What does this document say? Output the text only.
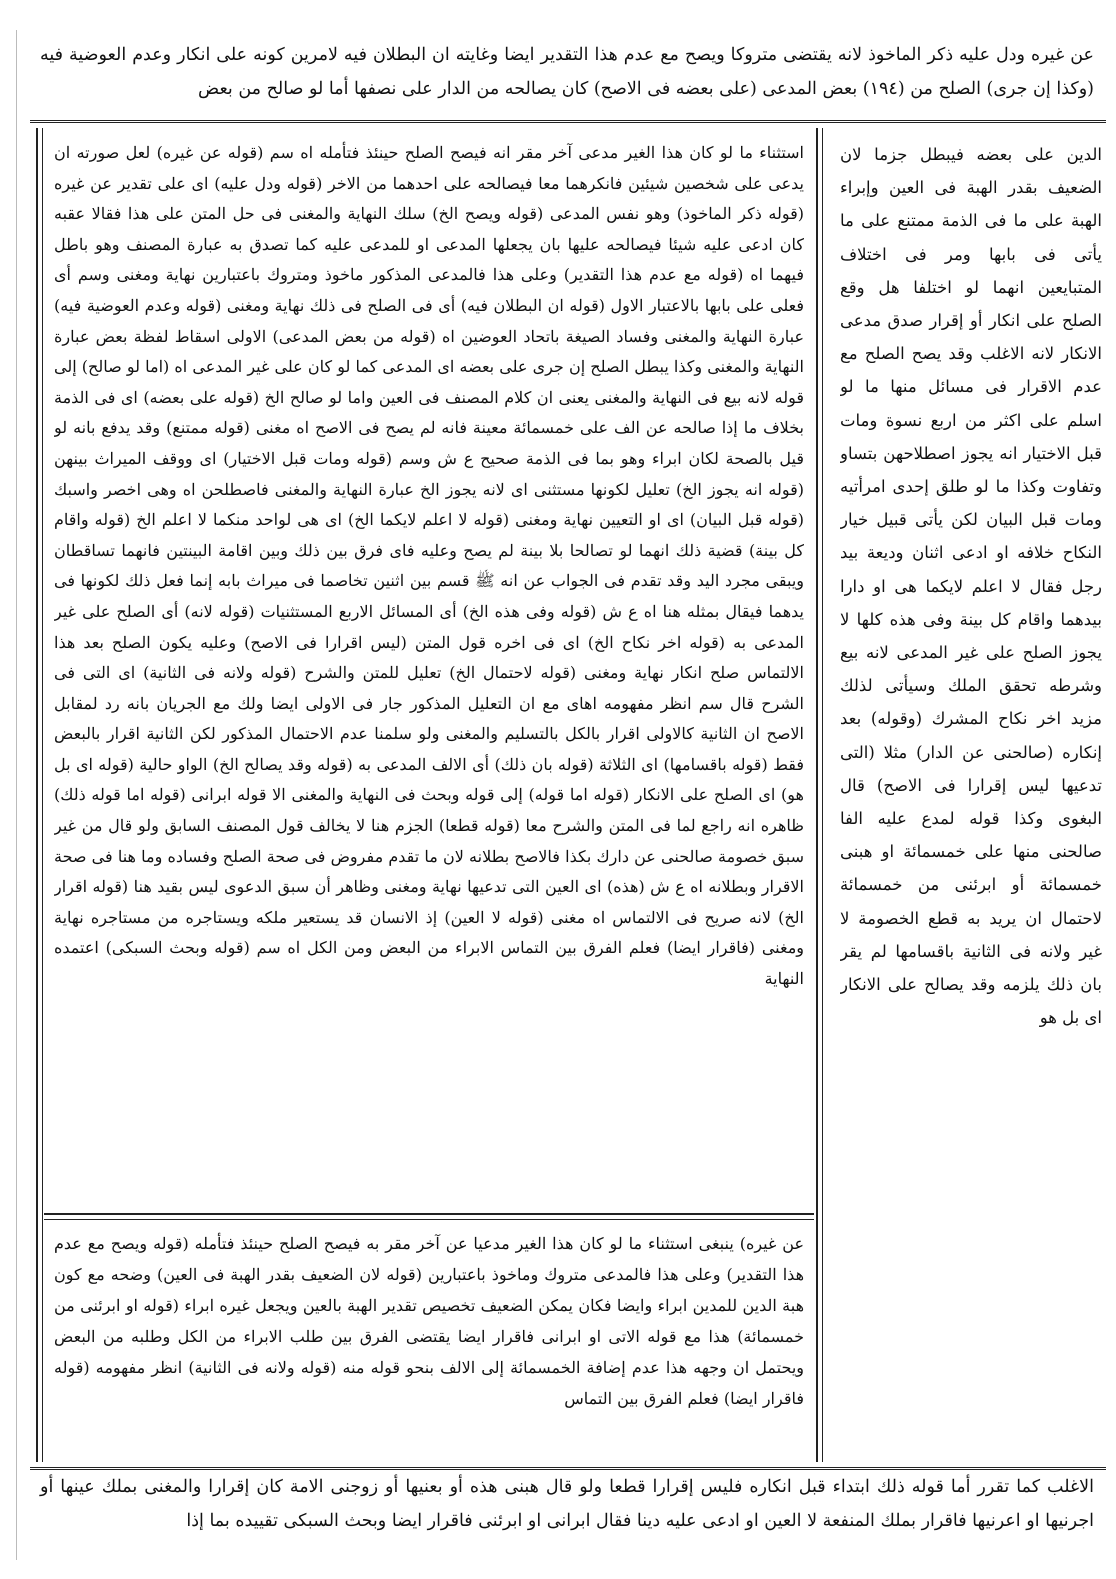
عن غيره ودل عليه ذكر الماخوذ لانه يقتضى متروكا ويصح مع عدم هذا التقدير ايضا وغايته ان البطلان فيه لامرين كونه على انكار وعدم العوضية فيه (وكذا إن جرى) الصلح من (١٩٤) بعض المدعى (على بعضه فى الاصح) كان يصالحه من الدار على نصفها أما لو صالح من بعض

الدين على بعضه فيبطل جزما لان الضعيف بقدر الهبة فى العين وإبراء الهبة على ما فى الذمة ممتنع على ما يأتى فى بابها ومر فى اختلاف المتبايعين انهما لو اختلفا هل وقع الصلح على انكار أو إقرار صدق مدعى الانكار لانه الاغلب وقد يصح الصلح مع عدم الاقرار فى مسائل منها ما لو اسلم على اكثر من اربع نسوة ومات قبل الاختيار انه يجوز اصطلاحهن بتساو وتفاوت وكذا ما لو طلق إحدى امرأتيه ومات قبل البيان لكن يأتى قبيل خيار النكاح خلافه او ادعى اثنان وديعة بيد رجل فقال لا اعلم لايكما هى او دارا بيدهما واقام كل بينة وفى هذه كلها لا يجوز الصلح على غير المدعى لانه بيع وشرطه تحقق الملك وسيأتى لذلك مزيد اخر نكاح المشرك (وقوله) بعد إنكاره (صالحنى عن الدار) مثلا (التى تدعيها ليس إقرارا فى الاصح) قال البغوى وكذا قوله لمدع عليه الفا صالحنى منها على خمسمائة او هبنى خمسمائة أو ابرئنى من خمسمائة لاحتمال ان يريد به قطع الخصومة لا غير ولانه فى الثانية باقسامها لم يقر بان ذلك يلزمه وقد يصالح على الانكار اى بل هو

استثناء ما لو كان هذا الغير مدعى آخر مقر انه فيصح الصلح حينئذ فتأمله اه سم (قوله عن غيره) لعل صورته ان يدعى على شخصين شيئين فانكرهما معا فيصالحه على احدهما من الاخر (قوله ودل عليه) اى على تقدير عن غيره (قوله ذكر الماخوذ) وهو نفس المدعى (قوله ويصح الخ) سلك النهاية والمغنى فى حل المتن على هذا فقالا عقبه كان ادعى عليه شيئا فيصالحه عليها بان يجعلها المدعى او للمدعى عليه كما تصدق به عبارة المصنف وهو باطل فيهما اه (قوله مع عدم هذا التقدير) وعلى هذا فالمدعى المذكور ماخوذ ومتروك باعتبارين نهاية ومغنى وسم أى فعلى على بابها بالاعتبار الاول (قوله ان البطلان فيه) أى فى الصلح فى ذلك نهاية ومغنى (قوله وعدم العوضية فيه) عبارة النهاية والمغنى وفساد الصيغة باتحاد العوضين اه (قوله من بعض المدعى) الاولى اسقاط لفظة بعض عبارة النهاية والمغنى وكذا يبطل الصلح إن جرى على بعضه اى المدعى كما لو كان على غير المدعى اه (اما لو صالح) إلى قوله لانه بيع فى النهاية والمغنى يعنى ان كلام المصنف فى العين واما لو صالح الخ (قوله على بعضه) اى فى الذمة بخلاف ما إذا صالحه عن الف على خمسمائة معينة فانه لم يصح فى الاصح اه مغنى (قوله ممتنع) وقد يدفع بانه لو قيل بالصحة لكان ابراء وهو بما فى الذمة صحيح ع ش وسم (قوله ومات قبل الاختيار) اى ووقف الميراث بينهن (قوله انه يجوز الخ) تعليل لكونها مستثنى اى لانه يجوز الخ عبارة النهاية والمغنى فاصطلحن اه وهى اخصر واسبك (قوله قبل البيان) اى او التعيين نهاية ومغنى (قوله لا اعلم لايكما الخ) اى هى لواحد منكما لا اعلم الخ (قوله واقام كل بينة) قضية ذلك انهما لو تصالحا بلا بينة لم يصح وعليه فاى فرق بين ذلك وبين اقامة البينتين فانهما تساقطان ويبقى مجرد اليد وقد تقدم فى الجواب عن انه ﷺ قسم بين اثنين تخاصما فى ميراث بابه إنما فعل ذلك لكونها فى يدهما فيقال بمثله هنا اه ع ش (قوله وفى هذه الخ) أى المسائل الاربع المستثنيات (قوله لانه) أى الصلح على غير المدعى به (قوله اخر نكاح الخ) اى فى اخره قول المتن (ليس اقرارا فى الاصح) وعليه يكون الصلح بعد هذا الالتماس صلح انكار نهاية ومغنى (قوله لاحتمال الخ) تعليل للمتن والشرح (قوله ولانه فى الثانية) اى التى فى الشرح قال سم انظر مفهومه اهاى مع ان التعليل المذكور جار فى الاولى ايضا ولك مع الجريان بانه رد لمقابل الاصح ان الثانية كالاولى اقرار بالكل بالتسليم والمغنى ولو سلمنا عدم الاحتمال المذكور لكن الثانية اقرار بالبعض فقط (قوله باقسامها) اى الثلاثة (قوله بان ذلك) أى الالف المدعى به (قوله وقد يصالح الخ) الواو حالية (قوله اى بل هو) اى الصلح على الانكار (قوله اما قوله) إلى قوله وبحث فى النهاية والمغنى الا قوله ابرانى (قوله اما قوله ذلك) ظاهره انه راجع لما فى المتن والشرح معا (قوله قطعا) الجزم هنا لا يخالف قول المصنف السابق ولو قال من غير سبق خصومة صالحنى عن دارك بكذا فالاصح بطلانه لان ما تقدم مفروض فى صحة الصلح وفساده وما هنا فى صحة الاقرار وبطلانه اه ع ش (هذه) اى العين التى تدعيها نهاية ومغنى وظاهر أن سبق الدعوى ليس بقيد هنا (قوله اقرار الخ) لانه صريح فى الالتماس اه مغنى (قوله لا العين) إذ الانسان قد يستعير ملكه ويستاجره من مستاجره نهاية ومغنى (فاقرار ايضا) فعلم الفرق بين التماس الابراء من البعض ومن الكل اه سم (قوله وبحث السبكى) اعتمده النهاية

عن غيره) ينبغى استثناء ما لو كان هذا الغير مدعيا عن آخر مقر به فيصح الصلح حينئذ فتأمله (قوله ويصح مع عدم هذا التقدير) وعلى هذا فالمدعى متروك وماخوذ باعتبارين (قوله لان الضعيف بقدر الهبة فى العين) وضحه مع كون هبة الدين للمدين ابراء وايضا فكان يمكن الضعيف تخصيص تقدير الهبة بالعين ويجعل غيره ابراء (قوله او ابرئنى من خمسمائة) هذا مع قوله الاتى او ابرانى فاقرار ايضا يقتضى الفرق بين طلب الابراء من الكل وطلبه من البعض ويحتمل ان وجهه هذا عدم إضافة الخمسمائة إلى الالف بنحو قوله منه (قوله ولانه فى الثانية) انظر مفهومه (قوله فاقرار ايضا) فعلم الفرق بين التماس

الاغلب كما تقرر أما قوله ذلك ابتداء قبل انكاره فليس إقرارا قطعا ولو قال هبنى هذه أو بعنيها أو زوجنى الامة كان إقرارا والمغنى بملك عينها أو اجرنيها او اعرنيها فاقرار بملك المنفعة لا العين او ادعى عليه دينا فقال ابرانى او ابرئنى فاقرار ايضا وبحث السبكى تقييده بما إذا
